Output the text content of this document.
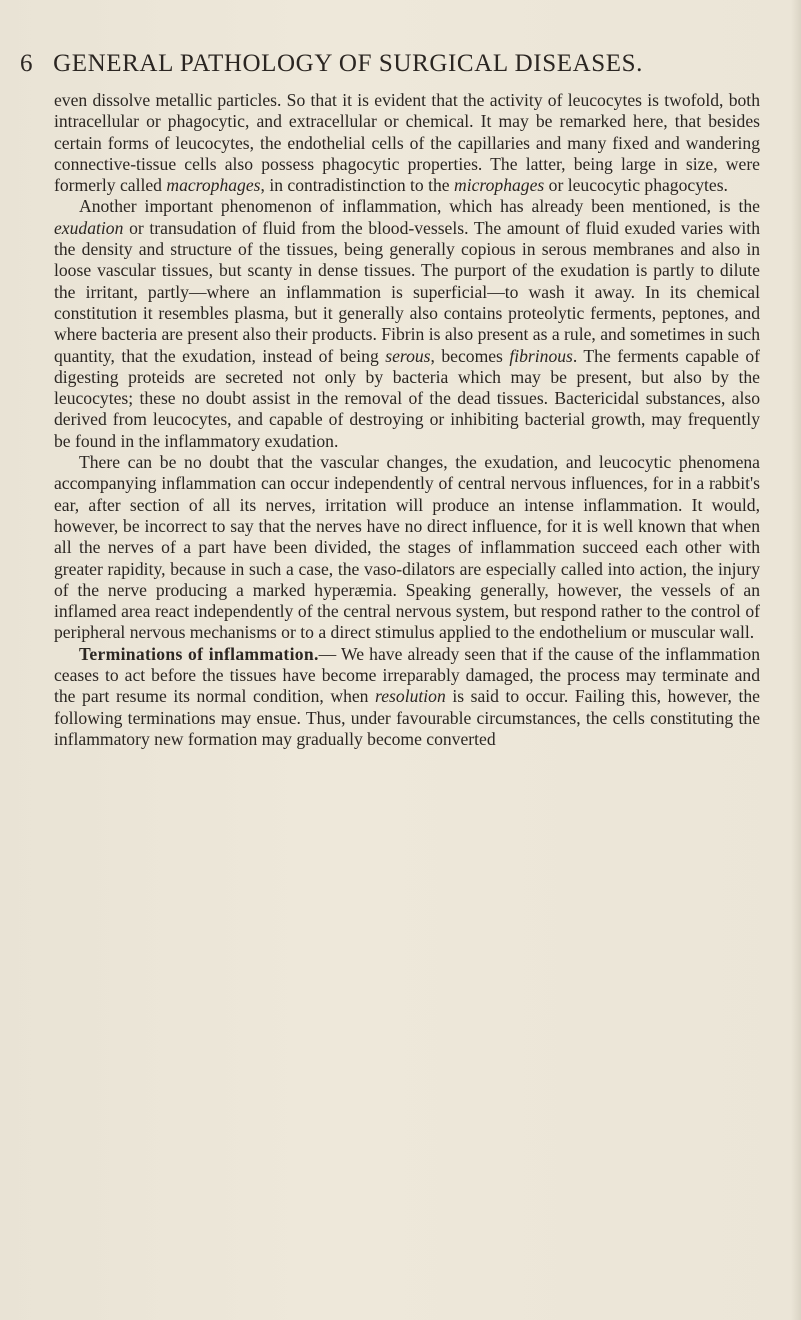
6 GENERAL PATHOLOGY OF SURGICAL DISEASES.

even dissolve metallic particles. So that it is evident that the activity of leucocytes is twofold, both intracellular or phagocytic, and extracellular or chemical. It may be remarked here, that besides certain forms of leucocytes, the endothelial cells of the capillaries and many fixed and wandering connective-tissue cells also possess phagocytic properties. The latter, being large in size, were formerly called macrophages, in contradistinction to the microphages or leucocytic phagocytes.

Another important phenomenon of inflammation, which has already been mentioned, is the exudation or transudation of fluid from the blood-vessels. The amount of fluid exuded varies with the density and structure of the tissues, being generally copious in serous membranes and also in loose vascular tissues, but scanty in dense tissues. The purport of the exudation is partly to dilute the irritant, partly—where an inflammation is superficial—to wash it away. In its chemical constitution it resembles plasma, but it generally also contains proteolytic ferments, peptones, and where bacteria are present also their products. Fibrin is also present as a rule, and sometimes in such quantity, that the exudation, instead of being serous, becomes fibrinous. The ferments capable of digesting proteids are secreted not only by bacteria which may be present, but also by the leucocytes; these no doubt assist in the removal of the dead tissues. Bactericidal substances, also derived from leucocytes, and capable of destroying or inhibiting bacterial growth, may frequently be found in the inflammatory exudation.

There can be no doubt that the vascular changes, the exudation, and leucocytic phenomena accompanying inflammation can occur independently of central nervous influences, for in a rabbit's ear, after section of all its nerves, irritation will produce an intense inflammation. It would, however, be incorrect to say that the nerves have no direct influence, for it is well known that when all the nerves of a part have been divided, the stages of inflammation succeed each other with greater rapidity, because in such a case, the vaso-dilators are especially called into action, the injury of the nerve producing a marked hyperæmia. Speaking generally, however, the vessels of an inflamed area react independently of the central nervous system, but respond rather to the control of peripheral nervous mechanisms or to a direct stimulus applied to the endothelium or muscular wall.

Terminations of inflammation.— We have already seen that if the cause of the inflammation ceases to act before the tissues have become irreparably damaged, the process may terminate and the part resume its normal condition, when resolution is said to occur. Failing this, however, the following terminations may ensue. Thus, under favourable circumstances, the cells constituting the inflammatory new formation may gradually become converted
